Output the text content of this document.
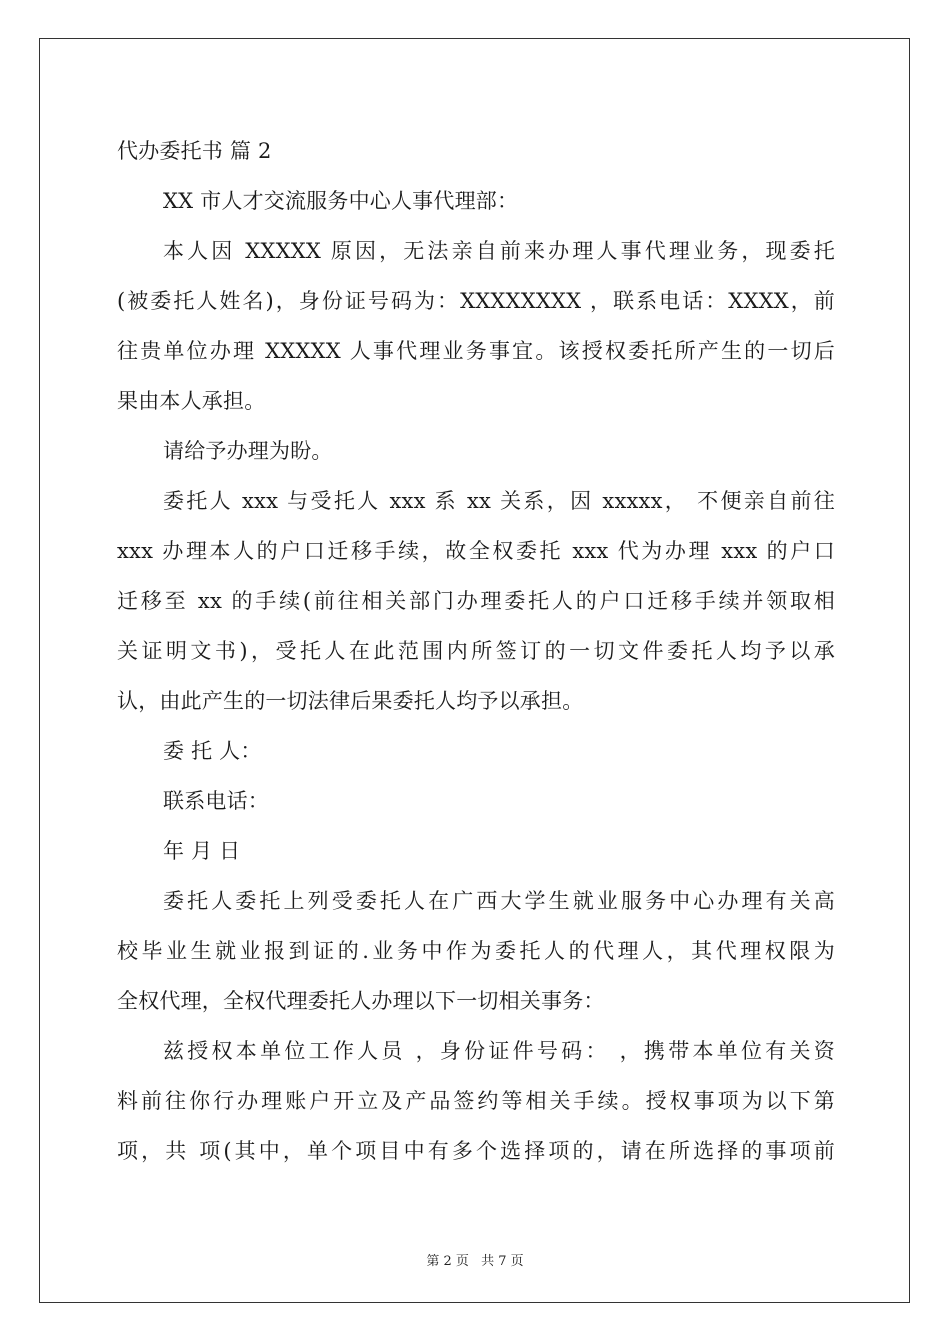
代办委托书 篇 2
XX 市人才交流服务中心人事代理部：
本人因 XXXXX 原因，无法亲自前来办理人事代理业务，现委托
(被委托人姓名)，身份证号码为：XXXXXXXX ，联系电话：XXXX，前
往贵单位办理 XXXXX 人事代理业务事宜。该授权委托所产生的一切后
果由本人承担。
请给予办理为盼。
委托人 xxx 与受托人 xxx 系 xx 关系，因 xxxxx， 不便亲自前往
xxx 办理本人的户口迁移手续，故全权委托 xxx 代为办理 xxx 的户口
迁移至 xx 的手续(前往相关部门办理委托人的户口迁移手续并领取相
关证明文书)，受托人在此范围内所签订的一切文件委托人均予以承
认，由此产生的一切法律后果委托人均予以承担。
委 托 人：
联系电话：
年 月 日
委托人委托上列受委托人在广西大学生就业服务中心办理有关高
校毕业生就业报到证的.业务中作为委托人的代理人，其代理权限为
全权代理，全权代理委托人办理以下一切相关事务：
兹授权本单位工作人员 ，身份证件号码： ，携带本单位有关资
料前往你行办理账户开立及产品签约等相关手续。授权事项为以下第
项，共 项(其中，单个项目中有多个选择项的，请在所选择的事项前
第 2 页 共 7 页
